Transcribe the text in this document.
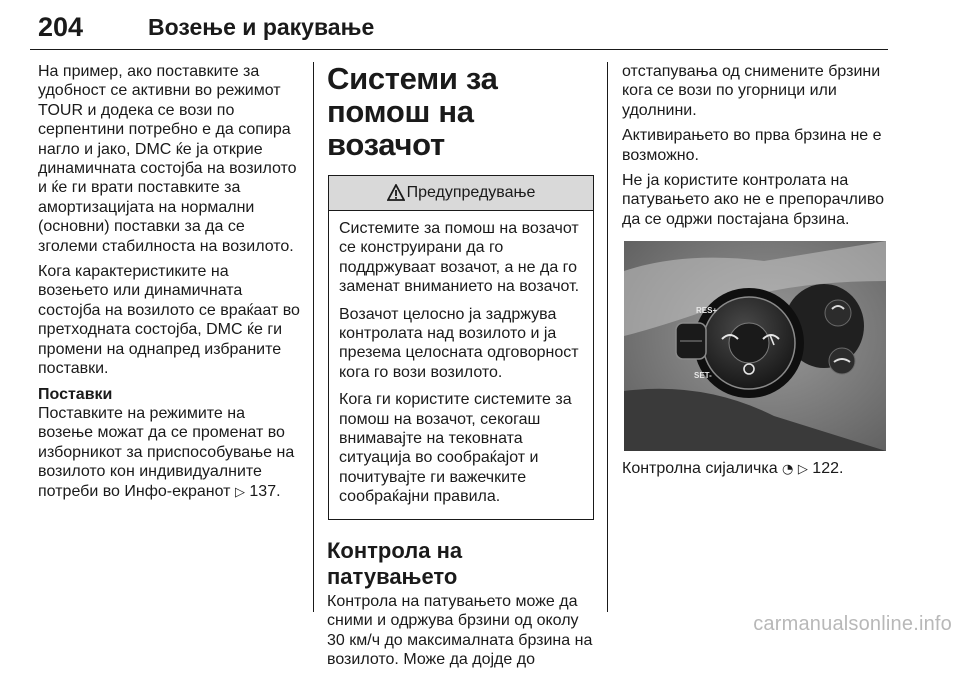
204	Возење и ракување

На пример, ако поставките за удобност се активни во режимот TOUR и додека се вози по серпентини потребно е да сопира нагло и јако, DMC ќе ја открие динамичната состојба на возилото и ќе ги врати поставките за амортизацијата на нормални (основни) поставки за да се зголеми стабилноста на возилото.

Кога карактеристиките на возењето или динамичната состојба на возилото се враќаат во претходната состојба, DMC ќе ги промени на однапред избраните поставки.

Поставки

Поставките на режимите на возење можат да се променат во изборникот за приспособување на возилото кон индивидуалните потреби во Инфо-екранот ▷ 137.

Системи за помош на возачот
Предупредување

Системите за помош на возачот се конструирани да го поддржуваат возачот, а не да го заменат вниманието на возачот.

Возачот целосно ја задржува контролата над возилото и ја презема целосната одговорност кога го вози возилото.

Кога ги користите системите за помош на возачот, секогаш внимавајте на тековната ситуација во сообраќајот и почитувајте ги важечките сообраќајни правила.

Контрола на патувањето

Контрола на патувањето може да сними и одржува брзини од околу 30 км/ч до максималната брзина на возилото. Може да дојде до

отстапувања од снимените брзини кога се вози по угорници или удолнини.

Активирањето во прва брзина не е возможно.

Не ја користите контролата на патувањето ако не е препорачливо да се одржи постајана брзина.

RES+
SET-

Контролна сијаличка ◔ ▷ 122.

carmanualsonline.info
